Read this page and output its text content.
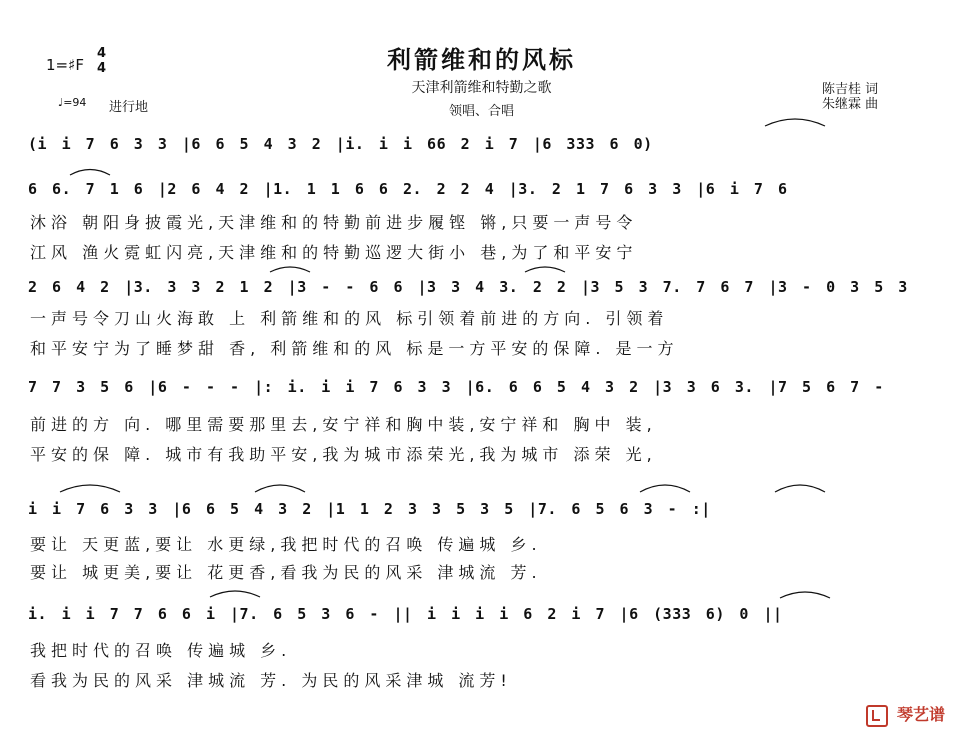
利箭维和的风标
天津利箭维和特勤之歌
领唱、合唱
1=♯F
4
4
♩=94 进行地
陈吉桂 词
朱继霖 曲
(i i 7 6 3 3 |6 6 5 4 3 2 |i. i i 66 2 i 7 |6 333 6 0)
6 6. 7 1 6 |2 6 4 2 |1. 1 1 6 6 2. 2 2 4 |3. 2 1 7 6 3 3 |6 i 7 6
沐浴 朝阳身披霞光,天津维和的特勤前进步履铿 锵,只要一声号令
江风 渔火霓虹闪亮,天津维和的特勤巡逻大街小 巷,为了和平安宁
2 6 4 2 |3. 3 3 2 1 2 |3 - - 6 6 |3 3 4 3. 2 2 |3 5 3 7. 7 6 7 |3 - 0 3 5 3
一声号令刀山火海敢 上 利箭维和的风 标引领着前进的方向. 引领着
和平安宁为了睡梦甜 香, 利箭维和的风 标是一方平安的保障. 是一方
7 7 3 5 6 |6 - - - |: i. i i 7 6 3 3 |6. 6 6 5 4 3 2 |3 3 6 3. |7 5 6 7 -
前进的方 向. 哪里需要那里去,安宁祥和胸中装,安宁祥和 胸中 装,
平安的保 障. 城市有我助平安,我为城市添荣光,我为城市 添荣 光,
i i 7 6 3 3 |6 6 5 4 3 2 |1 1 2 3 3 5 3 5 |7. 6 5 6 3 - :|
要让 天更蓝,要让 水更绿,我把时代的召唤 传遍城 乡.
要让 城更美,要让 花更香,看我为民的风采 津城流 芳.
i. i i 7 7 6 6 i |7. 6 5 3 6 - || i i i i 6 2 i 7 |6 (333 6) 0 ||
我把时代的召唤 传遍城 乡.
看我为民的风采 津城流 芳. 为民的风采津城 流芳!
琴艺谱
